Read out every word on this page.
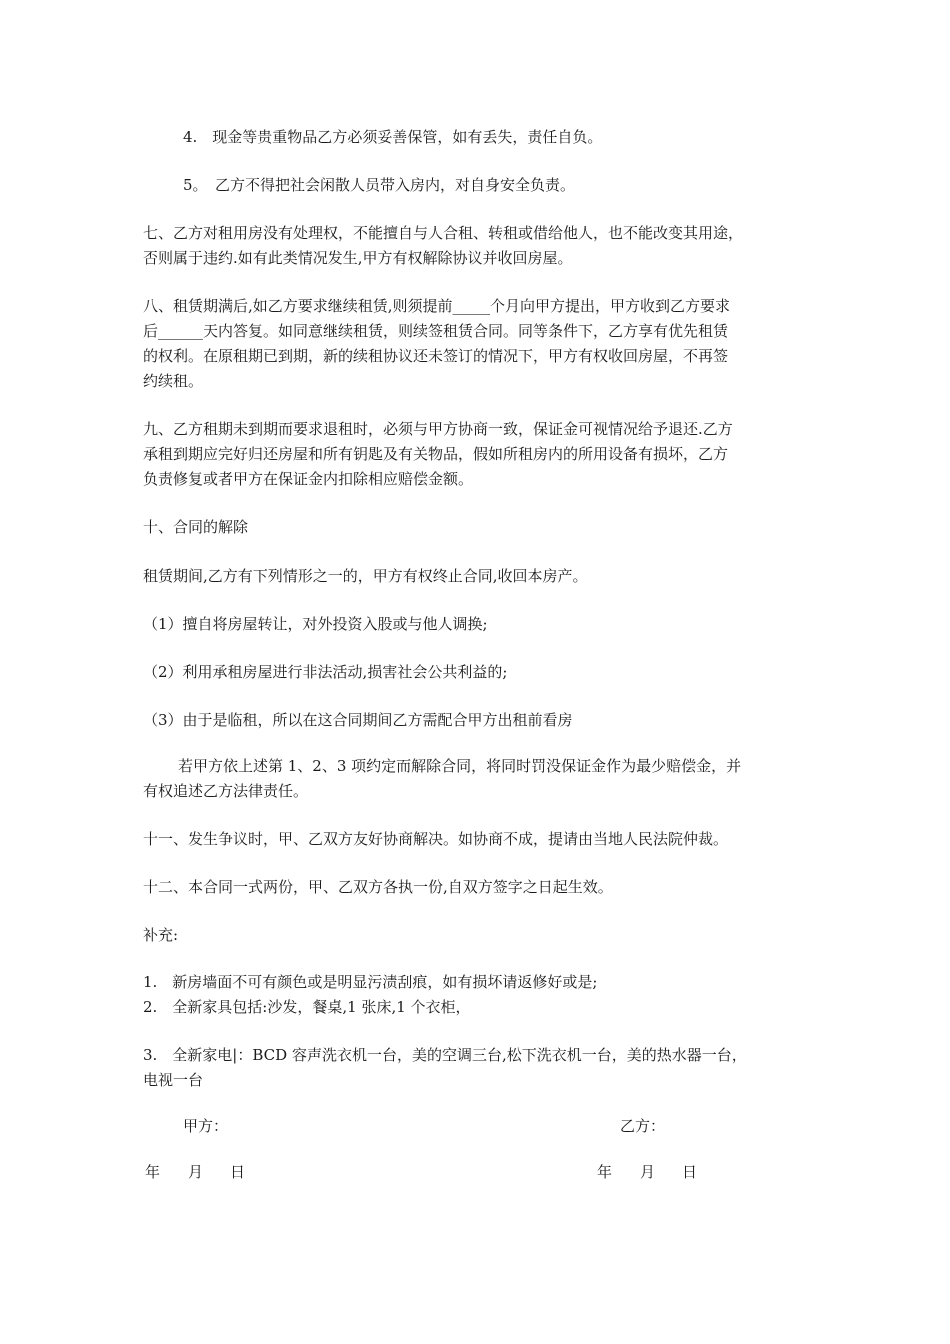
4.　现金等贵重物品乙方必须妥善保管，如有丢失，责任自负。
5。　乙方不得把社会闲散人员带入房内，对自身安全负责。
七、乙方对租用房没有处理权，不能擅自与人合租、转租或借给他人，也不能改变其用途，
否则属于违约.如有此类情况发生,甲方有权解除协议并收回房屋。
八、租赁期满后,如乙方要求继续租赁,则须提前_____个月向甲方提出，甲方收到乙方要求
后______天内答复。如同意继续租赁，则续签租赁合同。同等条件下，乙方享有优先租赁
的权利。在原租期已到期，新的续租协议还未签订的情况下，甲方有权收回房屋，不再签
约续租。
九、乙方租期未到期而要求退租时，必须与甲方协商一致，保证金可视情况给予退还.乙方
承租到期应完好归还房屋和所有钥匙及有关物品，假如所租房内的所用设备有损坏，乙方
负责修复或者甲方在保证金内扣除相应赔偿金额。
十、合同的解除
租赁期间,乙方有下列情形之一的，甲方有权终止合同,收回本房产。
（1）擅自将房屋转让，对外投资入股或与他人调换;
（2）利用承租房屋进行非法活动,损害社会公共利益的;
（3）由于是临租，所以在这合同期间乙方需配合甲方出租前看房
若甲方依上述第 1、2、3 项约定而解除合同，将同时罚没保证金作为最少赔偿金，并
有权追述乙方法律责任。
十一、发生争议时，甲、乙双方友好协商解决。如协商不成，提请由当地人民法院仲裁。
十二、本合同一式两份，甲、乙双方各执一份,自双方签字之日起生效。
补充:
1.　新房墙面不可有颜色或是明显污渍刮痕，如有损坏请返修好或是;
2.　全新家具包括:沙发，餐桌,1 张床,1 个衣柜，
3.　全新家电|：BCD 容声洗衣机一台，美的空调三台,松下洗衣机一台，美的热水器一台，
电视一台
甲方：	乙方：
年 月 日	年 月 日
